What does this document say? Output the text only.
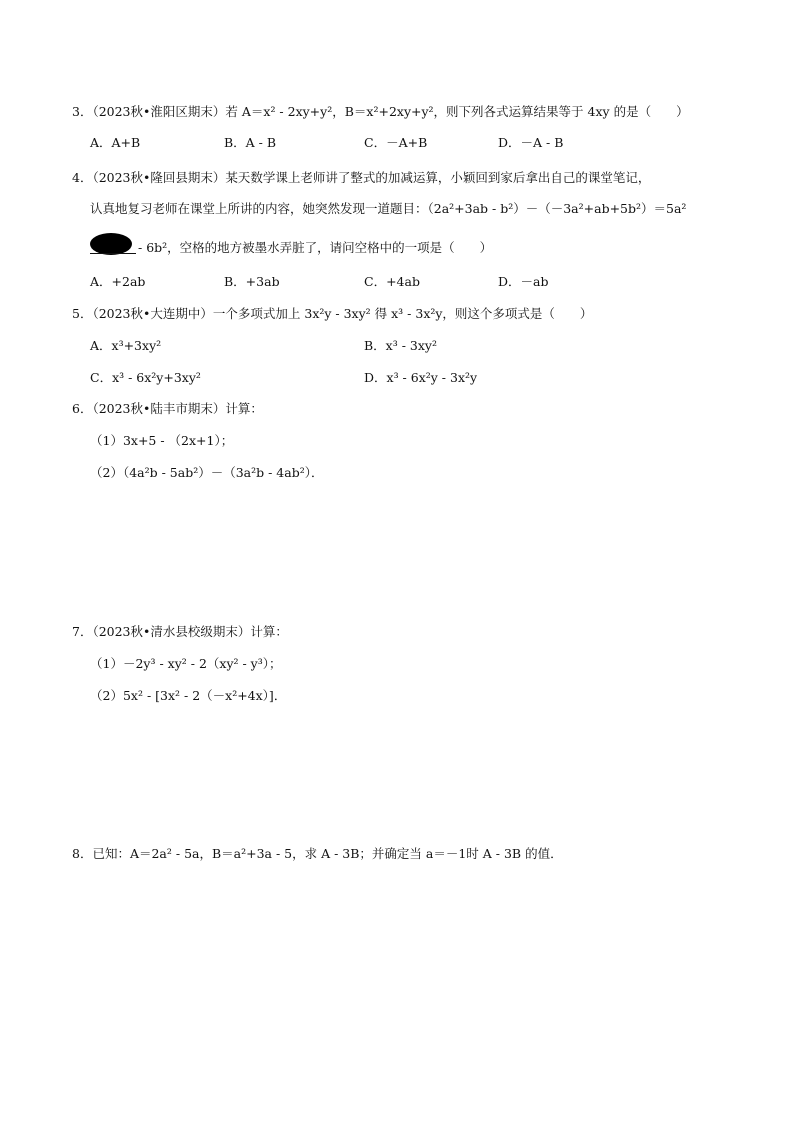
3．（2023秋•淮阳区期末）若 A＝x² - 2xy+y²，B＝x²+2xy+y²，则下列各式运算结果等于 4xy 的是（　　）
A．A+B	B．A - B	C．－A+B	D．－A - B
4．（2023秋•隆回县期末）某天数学课上老师讲了整式的加减运算，小颖回到家后拿出自己的课堂笔记，
认真地复习老师在课堂上所讲的内容，她突然发现一道题目：（2a²+3ab - b²）－（－3a²+ab+5b²）＝5a²
- 6b²，空格的地方被墨水弄脏了，请问空格中的一项是（　　）
A．+2ab	B．+3ab	C．+4ab	D．－ab
5．（2023秋•大连期中）一个多项式加上 3x²y - 3xy² 得 x³ - 3x²y，则这个多项式是（　　）
A．x³+3xy²	B．x³ - 3xy²
C．x³ - 6x²y+3xy²	D．x³ - 6x²y - 3x²y
6．（2023秋•陆丰市期末）计算：
（1）3x+5 - （2x+1）；
（2）（4a²b - 5ab²）－（3a²b - 4ab²）．
7．（2023秋•清水县校级期末）计算：
（1）－2y³ - xy² - 2（xy² - y³）；
（2）5x² - [3x² - 2（－x²+4x）]．
8．已知：A＝2a² - 5a，B＝a²+3a - 5，求 A - 3B；并确定当 a＝－1时 A - 3B 的值．
